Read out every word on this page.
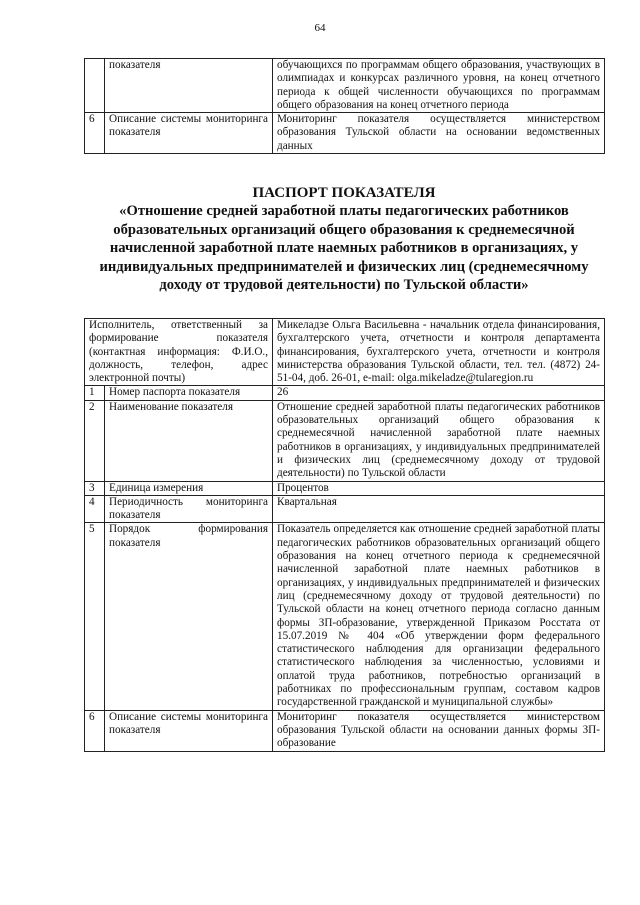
64
	показателя	обучающихся по программам общего образования, участвующих в олимпиадах и конкурсах различного уровня, на конец отчетного периода к общей численности обучающихся по программам общего образования на конец отчетного периода
6	Описание системы мониторинга показателя	Мониторинг показателя осуществляется министерством образования Тульской области на основании ведомственных данных
ПАСПОРТ ПОКАЗАТЕЛЯ
«Отношение средней заработной платы педагогических работников образовательных организаций общего образования к среднемесячной начисленной заработной плате наемных работников в организациях, у индивидуальных предпринимателей и физических лиц (среднемесячному доходу от трудовой деятельности) по Тульской области»
Исполнитель, ответственный за формирование показателя (контактная информация: Ф.И.О., должность, телефон, адрес электронной почты)		Микеладзе Ольга Васильевна - начальник отдела финансирования, бухгалтерского учета, отчетности и контроля департамента финансирования, бухгалтерского учета, отчетности и контроля министерства образования Тульской области, тел. тел. (4872) 24-51-04, доб. 26-01, e-mail: olga.mikeladze@tularegion.ru
1	Номер паспорта показателя	26
2	Наименование показателя	Отношение средней заработной платы педагогических работников образовательных организаций общего образования к среднемесячной начисленной заработной плате наемных работников в организациях, у индивидуальных предпринимателей и физических лиц (среднемесячному доходу от трудовой деятельности) по Тульской области
3	Единица измерения	Процентов
4	Периодичность мониторинга показателя	Квартальная
5	Порядок формирования показателя	Показатель определяется как отношение средней заработной платы педагогических работников образовательных организаций общего образования на конец отчетного периода к среднемесячной начисленной заработной плате наемных работников в организациях, у индивидуальных предпринимателей и физических лиц (среднемесячному доходу от трудовой деятельности) по Тульской области на конец отчетного периода согласно данным формы ЗП-образование, утвержденной Приказом Росстата от 15.07.2019 № 404 «Об утверждении форм федерального статистического наблюдения для организации федерального статистического наблюдения за численностью, условиями и оплатой труда работников, потребностью организаций в работниках по профессиональным группам, составом кадров государственной гражданской и муниципальной службы»
6	Описание системы мониторинга показателя	Мониторинг показателя осуществляется министерством образования Тульской области на основании данных формы ЗП-образование
